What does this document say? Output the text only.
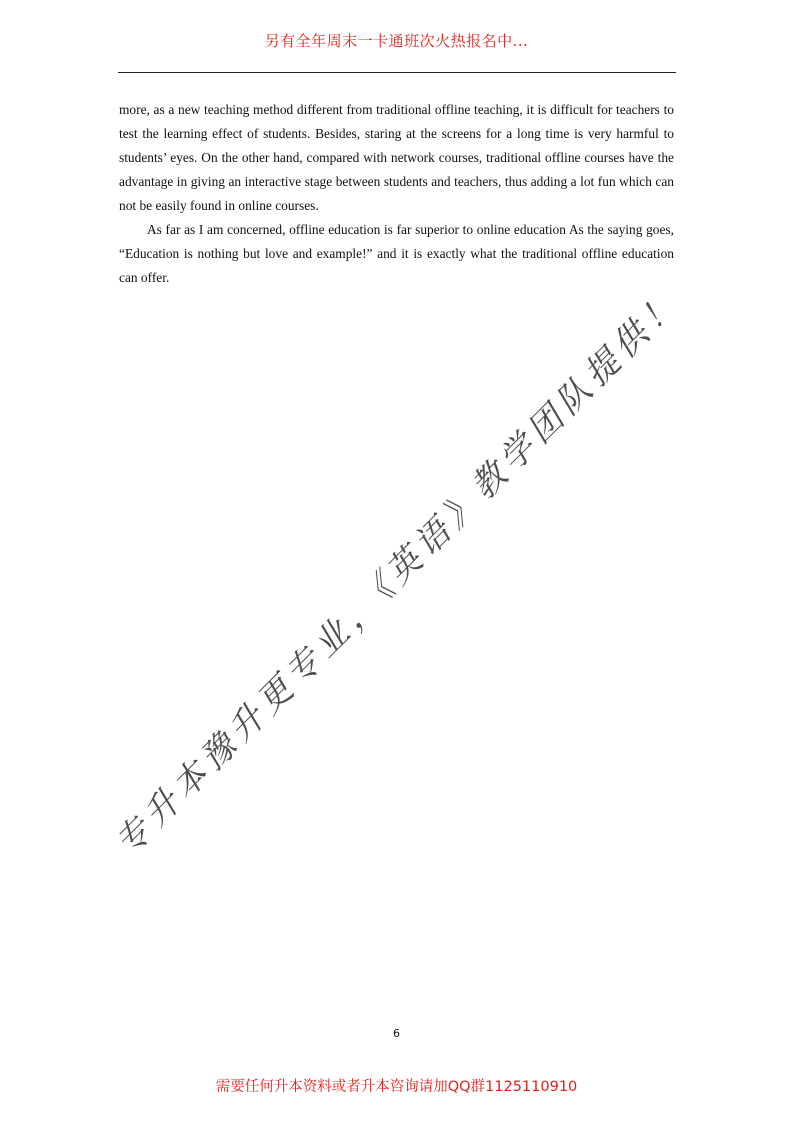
另有全年周末一卡通班次火热报名中...

more, as a new teaching method different from traditional offline teaching, it is difficult for teachers to test the learning effect of students. Besides, staring at the screens for a long time is very harmful to students’ eyes. On the other hand, compared with network courses, traditional offline courses have the advantage in giving an interactive stage between students and teachers, thus adding a lot fun which can not be easily found in online courses.

As far as I am concerned, offline education is far superior to online education As the saying goes, “Education is nothing but love and example!” and it is exactly what the traditional offline education can offer.

专升本豫升更专业，《英语》教学团队提供！
6
需要任何升本资料或者升本咨询请加QQ群1125110910
